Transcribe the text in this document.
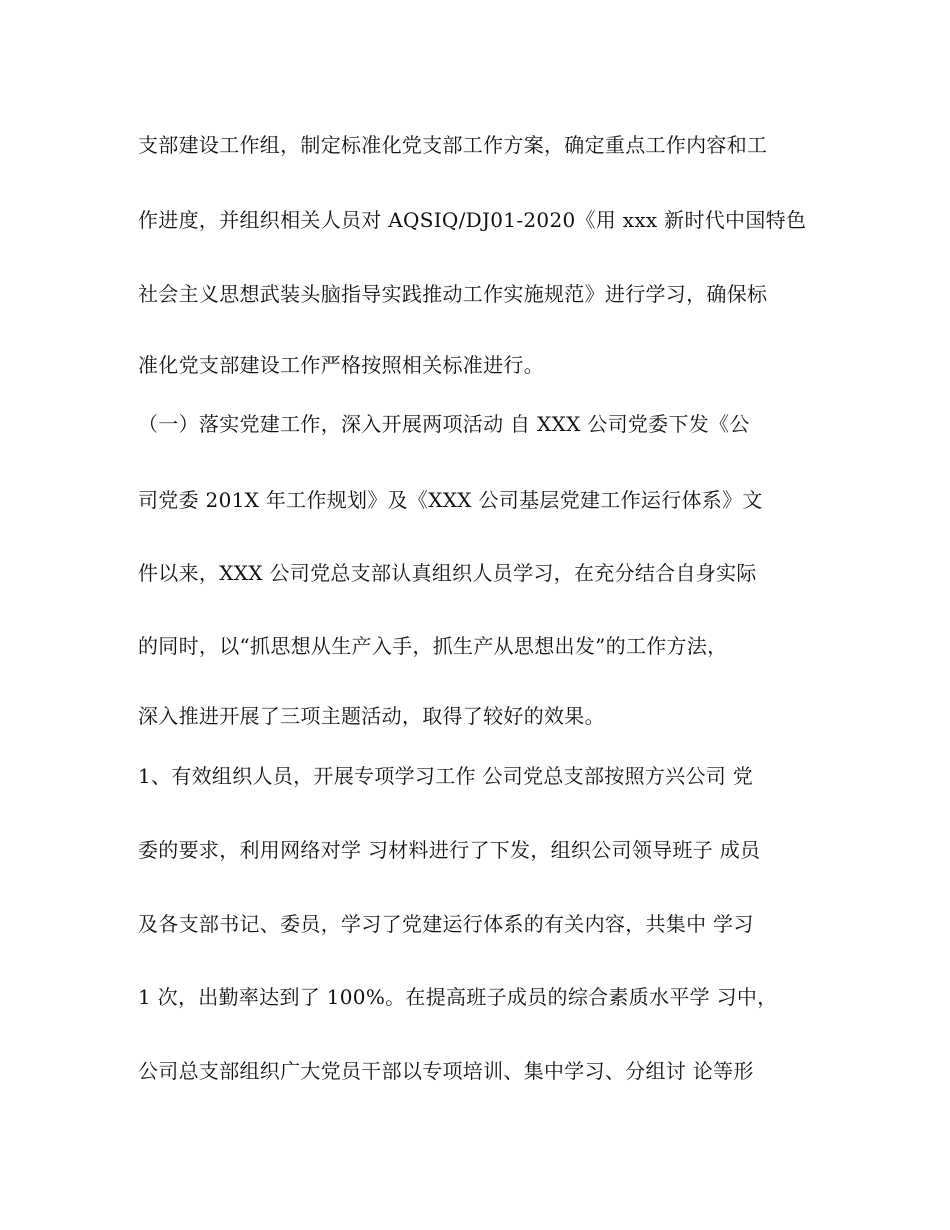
支部建设工作组，制定标准化党支部工作方案，确定重点工作内容和工
作进度，并组织相关人员对 AQSIQ/DJ01-2020《用 xxx 新时代中国特色
社会主义思想武装头脑指导实践推动工作实施规范》进行学习，确保标
准化党支部建设工作严格按照相关标准进行。
（一）落实党建工作，深入开展两项活动 自 XXX 公司党委下发《公
司党委 201X 年工作规划》及《XXX 公司基层党建工作运行体系》文
件以来，XXX 公司党总支部认真组织人员学习，在充分结合自身实际
的同时，以“抓思想从生产入手，抓生产从思想出发”的工作方法，
深入推进开展了三项主题活动，取得了较好的效果。
1、有效组织人员，开展专项学习工作 公司党总支部按照方兴公司 党
委的要求，利用网络对学 习材料进行了下发，组织公司领导班子 成员
及各支部书记、委员，学习了党建运行体系的有关内容，共集中 学习
1 次，出勤率达到了 100%。在提高班子成员的综合素质水平学 习中，
公司总支部组织广大党员干部以专项培训、集中学习、分组讨 论等形
